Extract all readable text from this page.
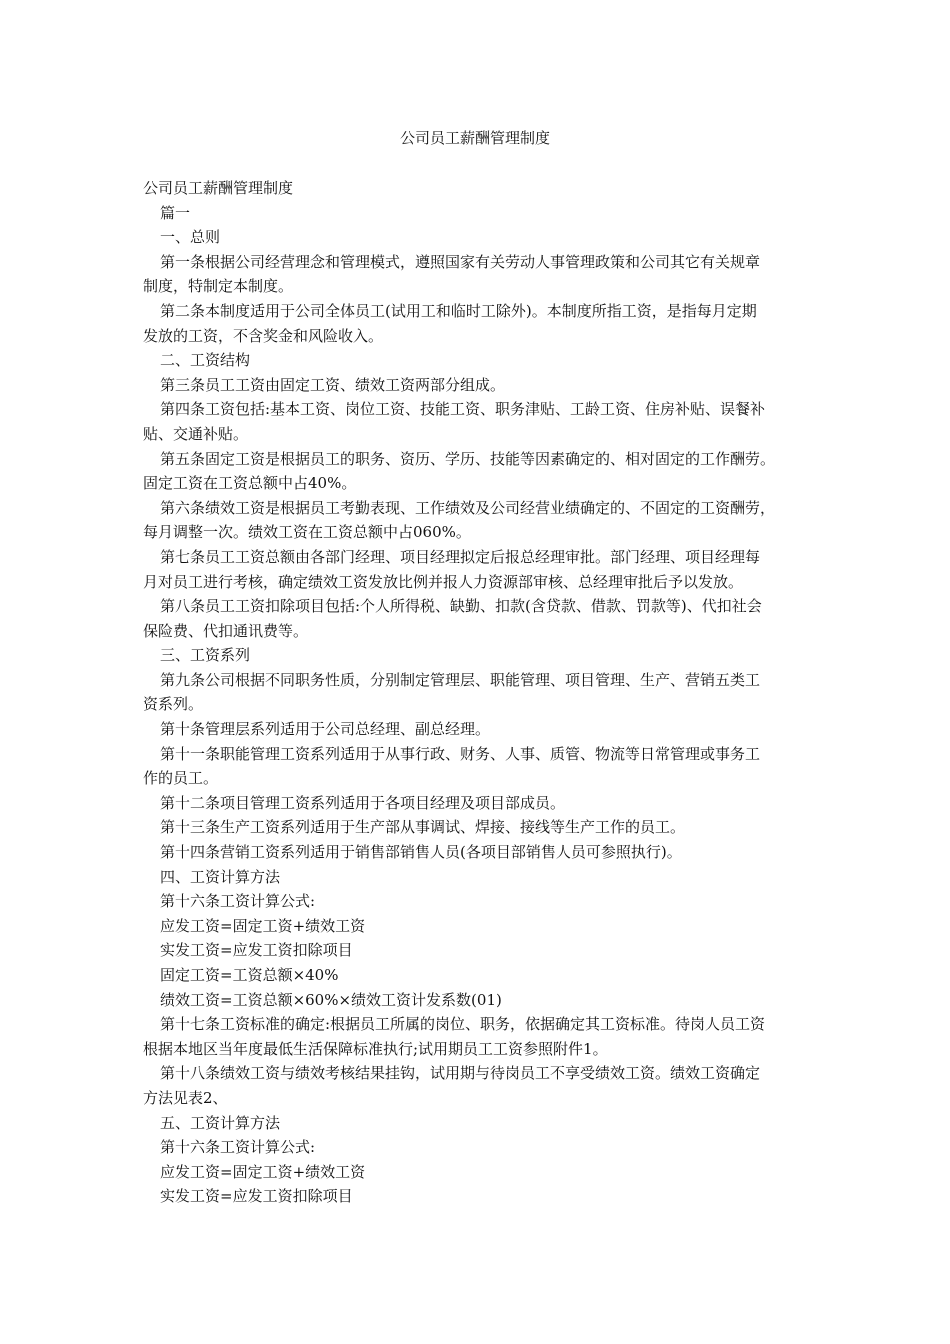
公司员工薪酬管理制度

公司员工薪酬管理制度

篇一

一、总则

第一条根据公司经营理念和管理模式，遵照国家有关劳动人事管理政策和公司其它有关规章

制度，特制定本制度。

第二条本制度适用于公司全体员工(试用工和临时工除外)。本制度所指工资，是指每月定期

发放的工资，不含奖金和风险收入。

二、工资结构

第三条员工工资由固定工资、绩效工资两部分组成。

第四条工资包括:基本工资、岗位工资、技能工资、职务津贴、工龄工资、住房补贴、误餐补

贴、交通补贴。

第五条固定工资是根据员工的职务、资历、学历、技能等因素确定的、相对固定的工作酬劳。

固定工资在工资总额中占40%。

第六条绩效工资是根据员工考勤表现、工作绩效及公司经营业绩确定的、不固定的工资酬劳，

每月调整一次。绩效工资在工资总额中占060%。

第七条员工工资总额由各部门经理、项目经理拟定后报总经理审批。部门经理、项目经理每

月对员工进行考核，确定绩效工资发放比例并报人力资源部审核、总经理审批后予以发放。

第八条员工工资扣除项目包括:个人所得税、缺勤、扣款(含贷款、借款、罚款等)、代扣社会

保险费、代扣通讯费等。

三、工资系列

第九条公司根据不同职务性质，分别制定管理层、职能管理、项目管理、生产、营销五类工

资系列。

第十条管理层系列适用于公司总经理、副总经理。

第十一条职能管理工资系列适用于从事行政、财务、人事、质管、物流等日常管理或事务工

作的员工。

第十二条项目管理工资系列适用于各项目经理及项目部成员。

第十三条生产工资系列适用于生产部从事调试、焊接、接线等生产工作的员工。

第十四条营销工资系列适用于销售部销售人员(各项目部销售人员可参照执行)。

四、工资计算方法

第十六条工资计算公式:

应发工资=固定工资+绩效工资

实发工资=应发工资扣除项目

固定工资=工资总额×40%

绩效工资=工资总额×60%×绩效工资计发系数(01)

第十七条工资标准的确定:根据员工所属的岗位、职务，依据确定其工资标准。待岗人员工资

根据本地区当年度最低生活保障标准执行;试用期员工工资参照附件1。

第十八条绩效工资与绩效考核结果挂钩，试用期与待岗员工不享受绩效工资。绩效工资确定

方法见表2、

五、工资计算方法

第十六条工资计算公式:

应发工资=固定工资+绩效工资

实发工资=应发工资扣除项目
